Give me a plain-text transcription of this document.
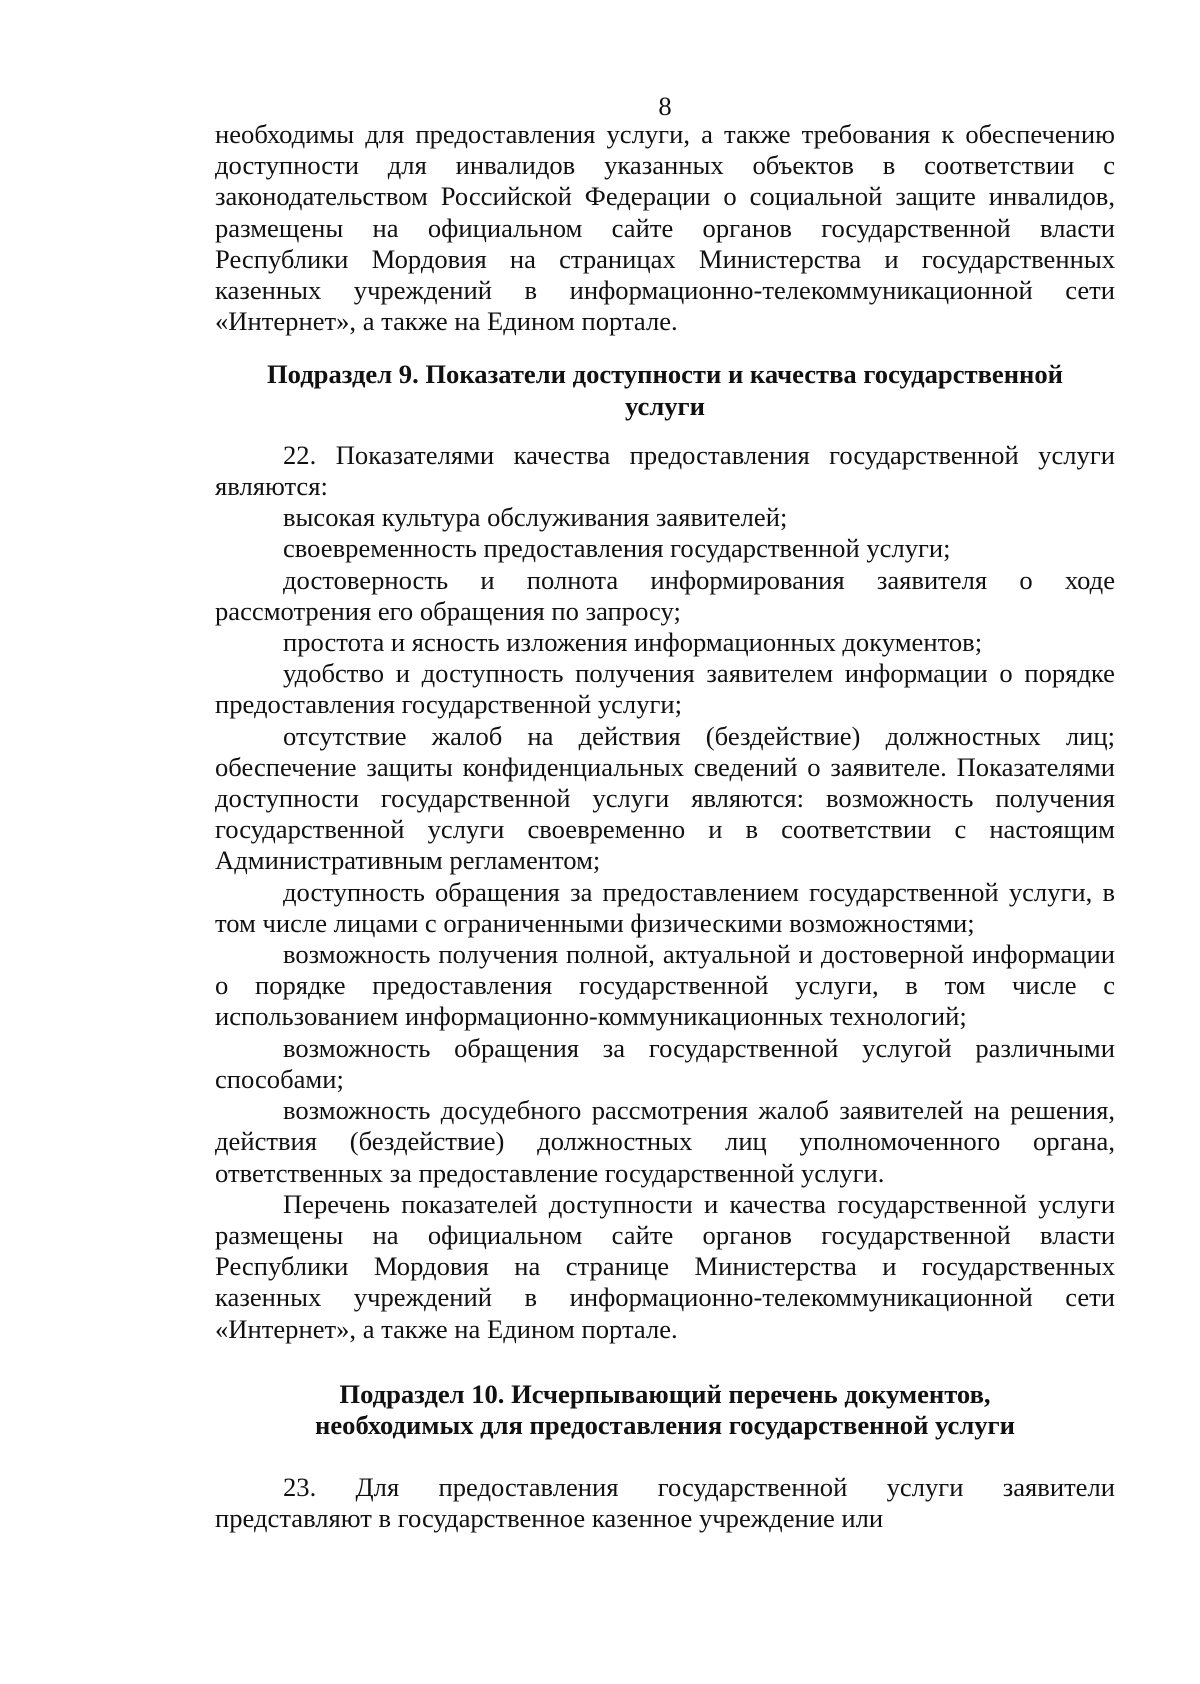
8

необходимы для предоставления услуги, а также требования к обеспечению доступности для инвалидов указанных объектов в соответствии с законодательством Российской Федерации о социальной защите инвалидов, размещены на официальном сайте органов государственной власти Республики Мордовия на страницах Министерства и государственных казенных учреждений в информационно-телекоммуникационной сети «Интернет», а также на Едином портале.

Подраздел 9. Показатели доступности и качества государственной

услуги

22. Показателями качества предоставления государственной услуги являются:

высокая культура обслуживания заявителей;

своевременность предоставления государственной услуги;

достоверность и полнота информирования заявителя о ходе рассмотрения его обращения по запросу;

простота и ясность изложения информационных документов;

удобство и доступность получения заявителем информации о порядке предоставления государственной услуги;

отсутствие жалоб на действия (бездействие) должностных лиц; обеспечение защиты конфиденциальных сведений о заявителе. Показателями доступности государственной услуги являются: возможность получения государственной услуги своевременно и в соответствии с настоящим Административным регламентом;

доступность обращения за предоставлением государственной услуги, в том числе лицами с ограниченными физическими возможностями;

возможность получения полной, актуальной и достоверной информации о порядке предоставления государственной услуги, в том числе с использованием информационно-коммуникационных технологий;

возможность обращения за государственной услугой различными способами;

возможность досудебного рассмотрения жалоб заявителей на решения, действия (бездействие) должностных лиц уполномоченного органа, ответственных за предоставление государственной услуги.

Перечень показателей доступности и качества государственной услуги размещены на официальном сайте органов государственной власти Республики Мордовия на странице Министерства и государственных казенных учреждений в информационно-телекоммуникационной сети «Интернет», а также на Едином портале.

Подраздел 10. Исчерпывающий перечень документов,

необходимых для предоставления государственной услуги

23. Для предоставления государственной услуги заявители представляют в государственное казенное учреждение или
